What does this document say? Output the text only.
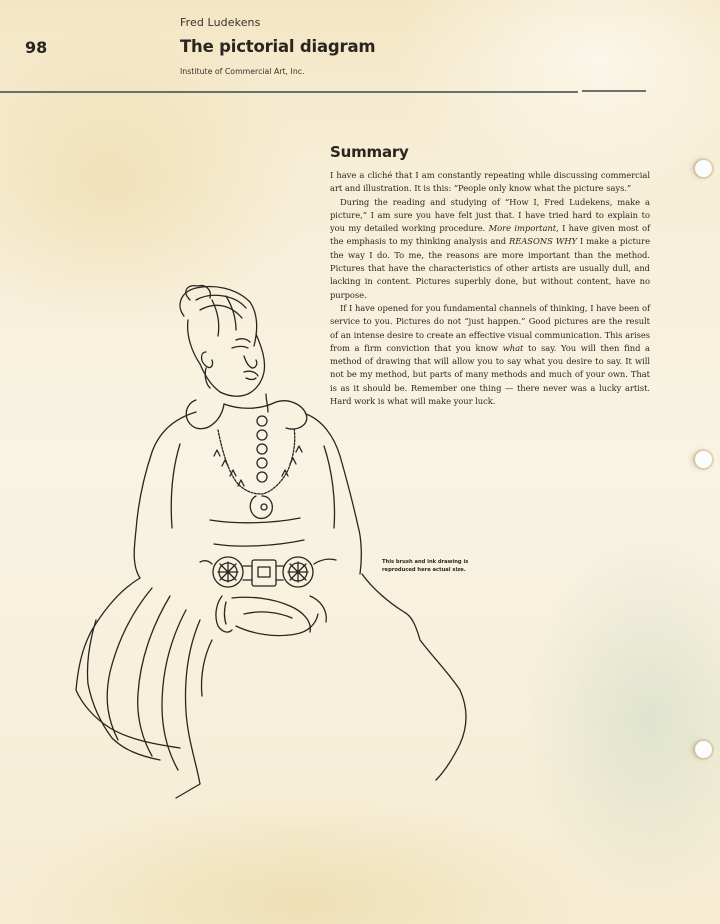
Fred Ludekens
98	The pictorial diagram
Institute of Commercial Art, Inc.
Summary

I have a cliché that I am constantly repeating while discussing commercial art and illustration. It is this: “People only know what the picture says.”

During the reading and studying of “How I, Fred Ludekens, make a picture,” I am sure you have felt just that. I have tried hard to explain to you my detailed working procedure. More important, I have given most of the emphasis to my thinking analysis and REASONS WHY I make a picture the way I do. To me, the reasons are more important than the method. Pictures that have the characteristics of other artists are usually dull, and lacking in content. Pictures superbly done, but without content, have no purpose.

If I have opened for you fundamental channels of thinking, I have been of service to you. Pictures do not “just happen.” Good pictures are the result of an intense desire to create an effective visual communication. This arises from a firm conviction that you know what to say. You will then find a method of drawing that will allow you to say what you desire to say. It will not be my method, but parts of many methods and much of your own. That is as it should be. Remember one thing — there never was a lucky artist. Hard work is what will make your luck.

This brush and ink drawing is reproduced here actual size.
